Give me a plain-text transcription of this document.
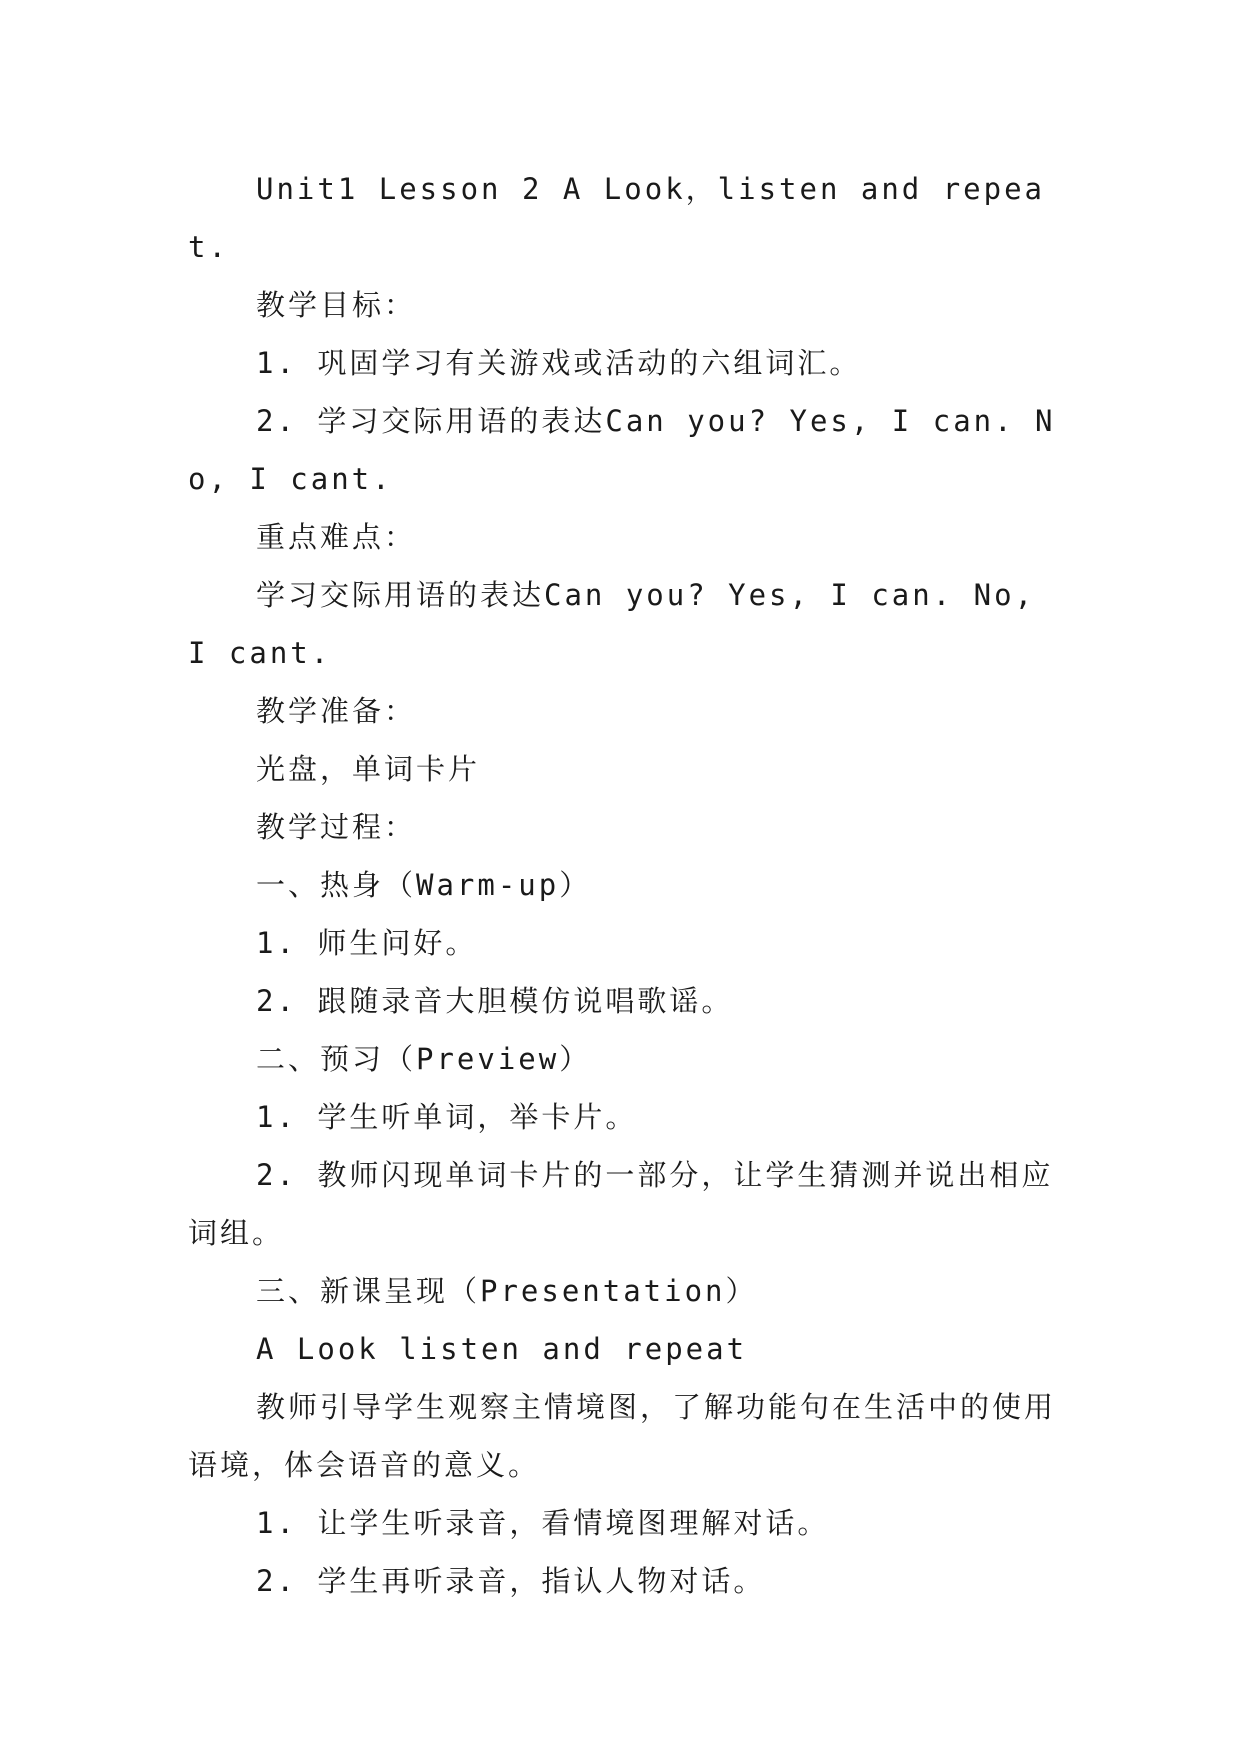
Unit1 Lesson 2 A Look，listen and repeat.

教学目标：

1. 巩固学习有关游戏或活动的六组词汇。

2. 学习交际用语的表达Can you? Yes, I can. No, I cant.

重点难点：

学习交际用语的表达Can you? Yes, I can. No, I cant.

教学准备：

光盘，单词卡片

教学过程：

一、热身（Warm-up）

1. 师生问好。

2. 跟随录音大胆模仿说唱歌谣。

二、预习（Preview）

1. 学生听单词，举卡片。

2. 教师闪现单词卡片的一部分，让学生猜测并说出相应词组。

三、新课呈现（Presentation）

A Look listen and repeat

教师引导学生观察主情境图，了解功能句在生活中的使用语境，体会语音的意义。

1. 让学生听录音，看情境图理解对话。

2. 学生再听录音，指认人物对话。
